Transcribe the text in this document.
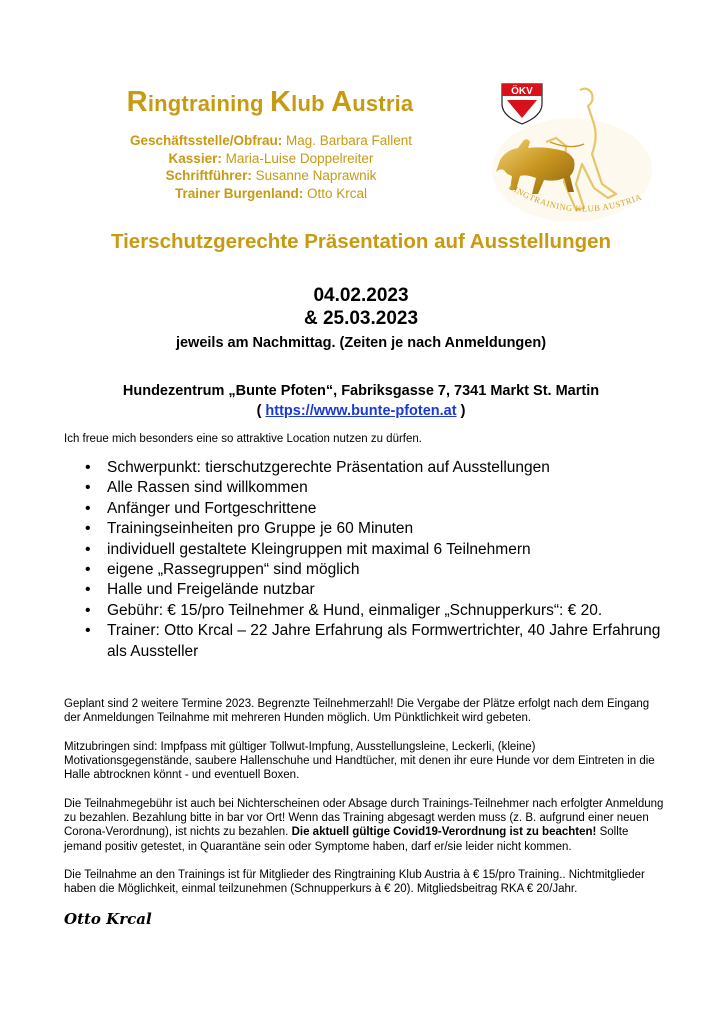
Ringtraining Klub Austria
Geschäftsstelle/Obfrau: Mag. Barbara Fallent
Kassier: Maria-Luise Doppelreiter
Schriftführer: Susanne Naprawnik
Trainer Burgenland: Otto Krcal
ÖKV
RINGTRAINING KLUB AUSTRIA
Tierschutzgerechte Präsentation auf Ausstellungen
04.02.2023
& 25.03.2023
jeweils am Nachmittag. (Zeiten je nach Anmeldungen)
Hundezentrum „Bunte Pfoten“, Fabriksgasse 7, 7341 Markt St. Martin
( https://www.bunte-pfoten.at )
Ich freue mich besonders eine so attraktive Location nutzen zu dürfen.
• Schwerpunkt: tierschutzgerechte Präsentation auf Ausstellungen
• Alle Rassen sind willkommen
• Anfänger und Fortgeschrittene
• Trainingseinheiten pro Gruppe je 60 Minuten
• individuell gestaltete Kleingruppen mit maximal 6 Teilnehmern
• eigene „Rassegruppen“ sind möglich
• Halle und Freigelände nutzbar
• Gebühr: € 15/pro Teilnehmer & Hund, einmaliger „Schnupperkurs“: € 20.
• Trainer: Otto Krcal – 22 Jahre Erfahrung als Formwertrichter, 40 Jahre Erfahrung als Aussteller
Geplant sind 2 weitere Termine 2023. Begrenzte Teilnehmerzahl! Die Vergabe der Plätze erfolgt nach dem Eingang der Anmeldungen Teilnahme mit mehreren Hunden möglich. Um Pünktlichkeit wird gebeten.
Mitzubringen sind: Impfpass mit gültiger Tollwut-Impfung, Ausstellungsleine, Leckerli, (kleine) Motivationsgegenstände, saubere Hallenschuhe und Handtücher, mit denen ihr eure Hunde vor dem Eintreten in die Halle abtrocknen könnt - und eventuell Boxen.
Die Teilnahmegebühr ist auch bei Nichterscheinen oder Absage durch Trainings-Teilnehmer nach erfolgter Anmeldung zu bezahlen. Bezahlung bitte in bar vor Ort! Wenn das Training abgesagt werden muss (z. B. aufgrund einer neuen Corona-Verordnung), ist nichts zu bezahlen. Die aktuell gültige Covid19-Verordnung ist zu beachten! Sollte jemand positiv getestet, in Quarantäne sein oder Symptome haben, darf er/sie leider nicht kommen.
Die Teilnahme an den Trainings ist für Mitglieder des Ringtraining Klub Austria à € 15/pro Training.. Nichtmitglieder haben die Möglichkeit, einmal teilzunehmen (Schnupperkurs à € 20). Mitgliedsbeitrag RKA € 20/Jahr.
Otto Krcal
